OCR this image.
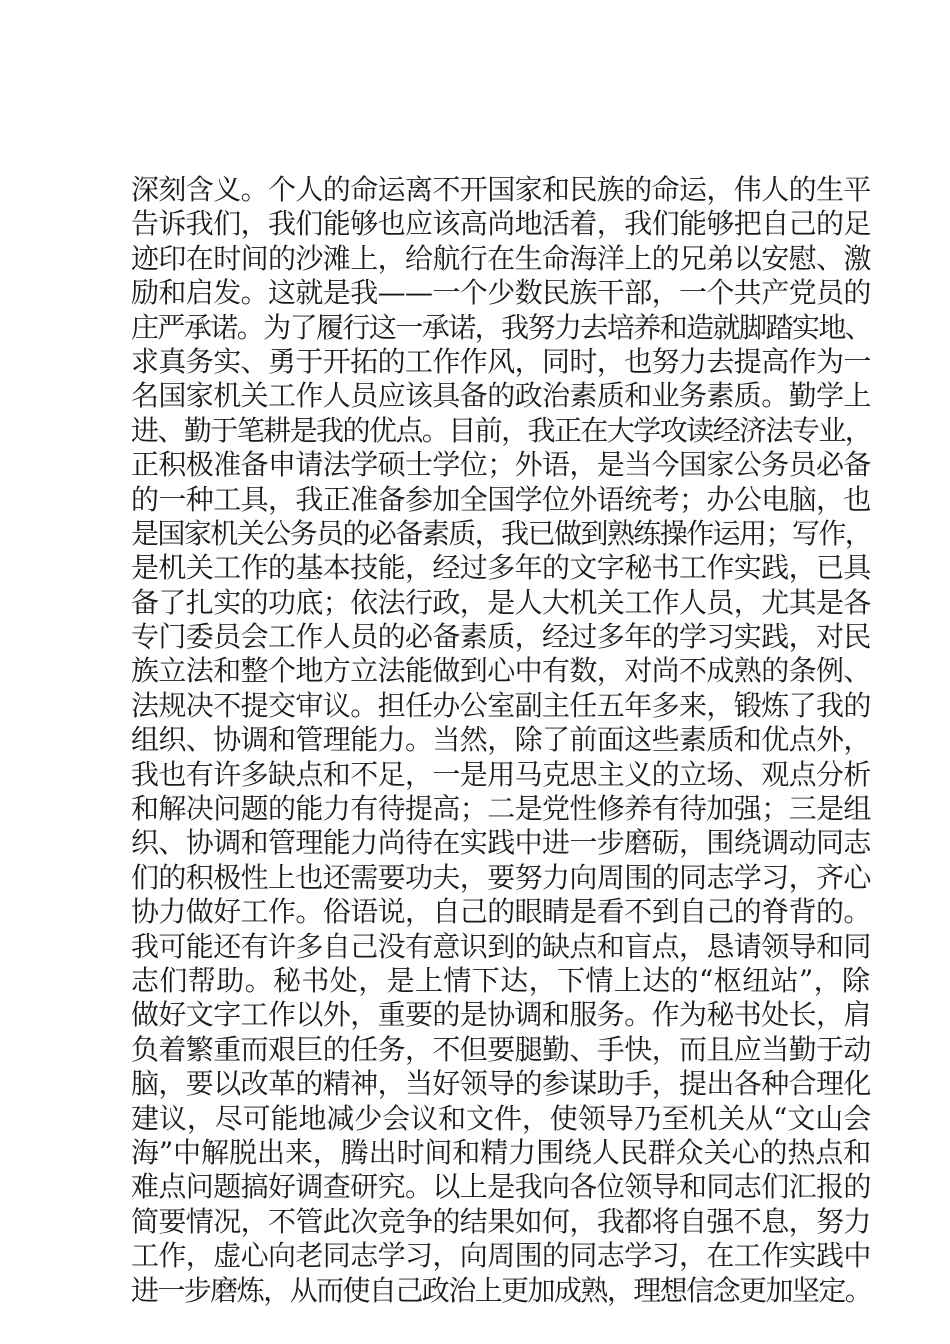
深刻含义。个人的命运离不开国家和民族的命运，伟人的生平
告诉我们，我们能够也应该高尚地活着，我们能够把自己的足
迹印在时间的沙滩上，给航行在生命海洋上的兄弟以安慰、激
励和启发。这就是我——一个少数民族干部，一个共产党员的
庄严承诺。为了履行这一承诺，我努力去培养和造就脚踏实地、
求真务实、勇于开拓的工作作风，同时，也努力去提高作为一
名国家机关工作人员应该具备的政治素质和业务素质。勤学上
进、勤于笔耕是我的优点。目前，我正在大学攻读经济法专业，
正积极准备申请法学硕士学位；外语，是当今国家公务员必备
的一种工具，我正准备参加全国学位外语统考；办公电脑，也
是国家机关公务员的必备素质，我已做到熟练操作运用；写作，
是机关工作的基本技能，经过多年的文字秘书工作实践，已具
备了扎实的功底；依法行政，是人大机关工作人员，尤其是各
专门委员会工作人员的必备素质，经过多年的学习实践，对民
族立法和整个地方立法能做到心中有数，对尚不成熟的条例、
法规决不提交审议。担任办公室副主任五年多来，锻炼了我的
组织、协调和管理能力。当然，除了前面这些素质和优点外，
我也有许多缺点和不足，一是用马克思主义的立场、观点分析
和解决问题的能力有待提高；二是党性修养有待加强；三是组
织、协调和管理能力尚待在实践中进一步磨砺，围绕调动同志
们的积极性上也还需要功夫，要努力向周围的同志学习，齐心
协力做好工作。俗语说，自己的眼睛是看不到自己的脊背的。
我可能还有许多自己没有意识到的缺点和盲点，恳请领导和同
志们帮助。秘书处，是上情下达，下情上达的“枢纽站”，除
做好文字工作以外，重要的是协调和服务。作为秘书处长，肩
负着繁重而艰巨的任务，不但要腿勤、手快，而且应当勤于动
脑，要以改革的精神，当好领导的参谋助手，提出各种合理化
建议，尽可能地减少会议和文件，使领导乃至机关从“文山会
海”中解脱出来，腾出时间和精力围绕人民群众关心的热点和
难点问题搞好调查研究。以上是我向各位领导和同志们汇报的
简要情况，不管此次竞争的结果如何，我都将自强不息，努力
工作，虚心向老同志学习，向周围的同志学习，在工作实践中
进一步磨炼，从而使自己政治上更加成熟，理想信念更加坚定。
